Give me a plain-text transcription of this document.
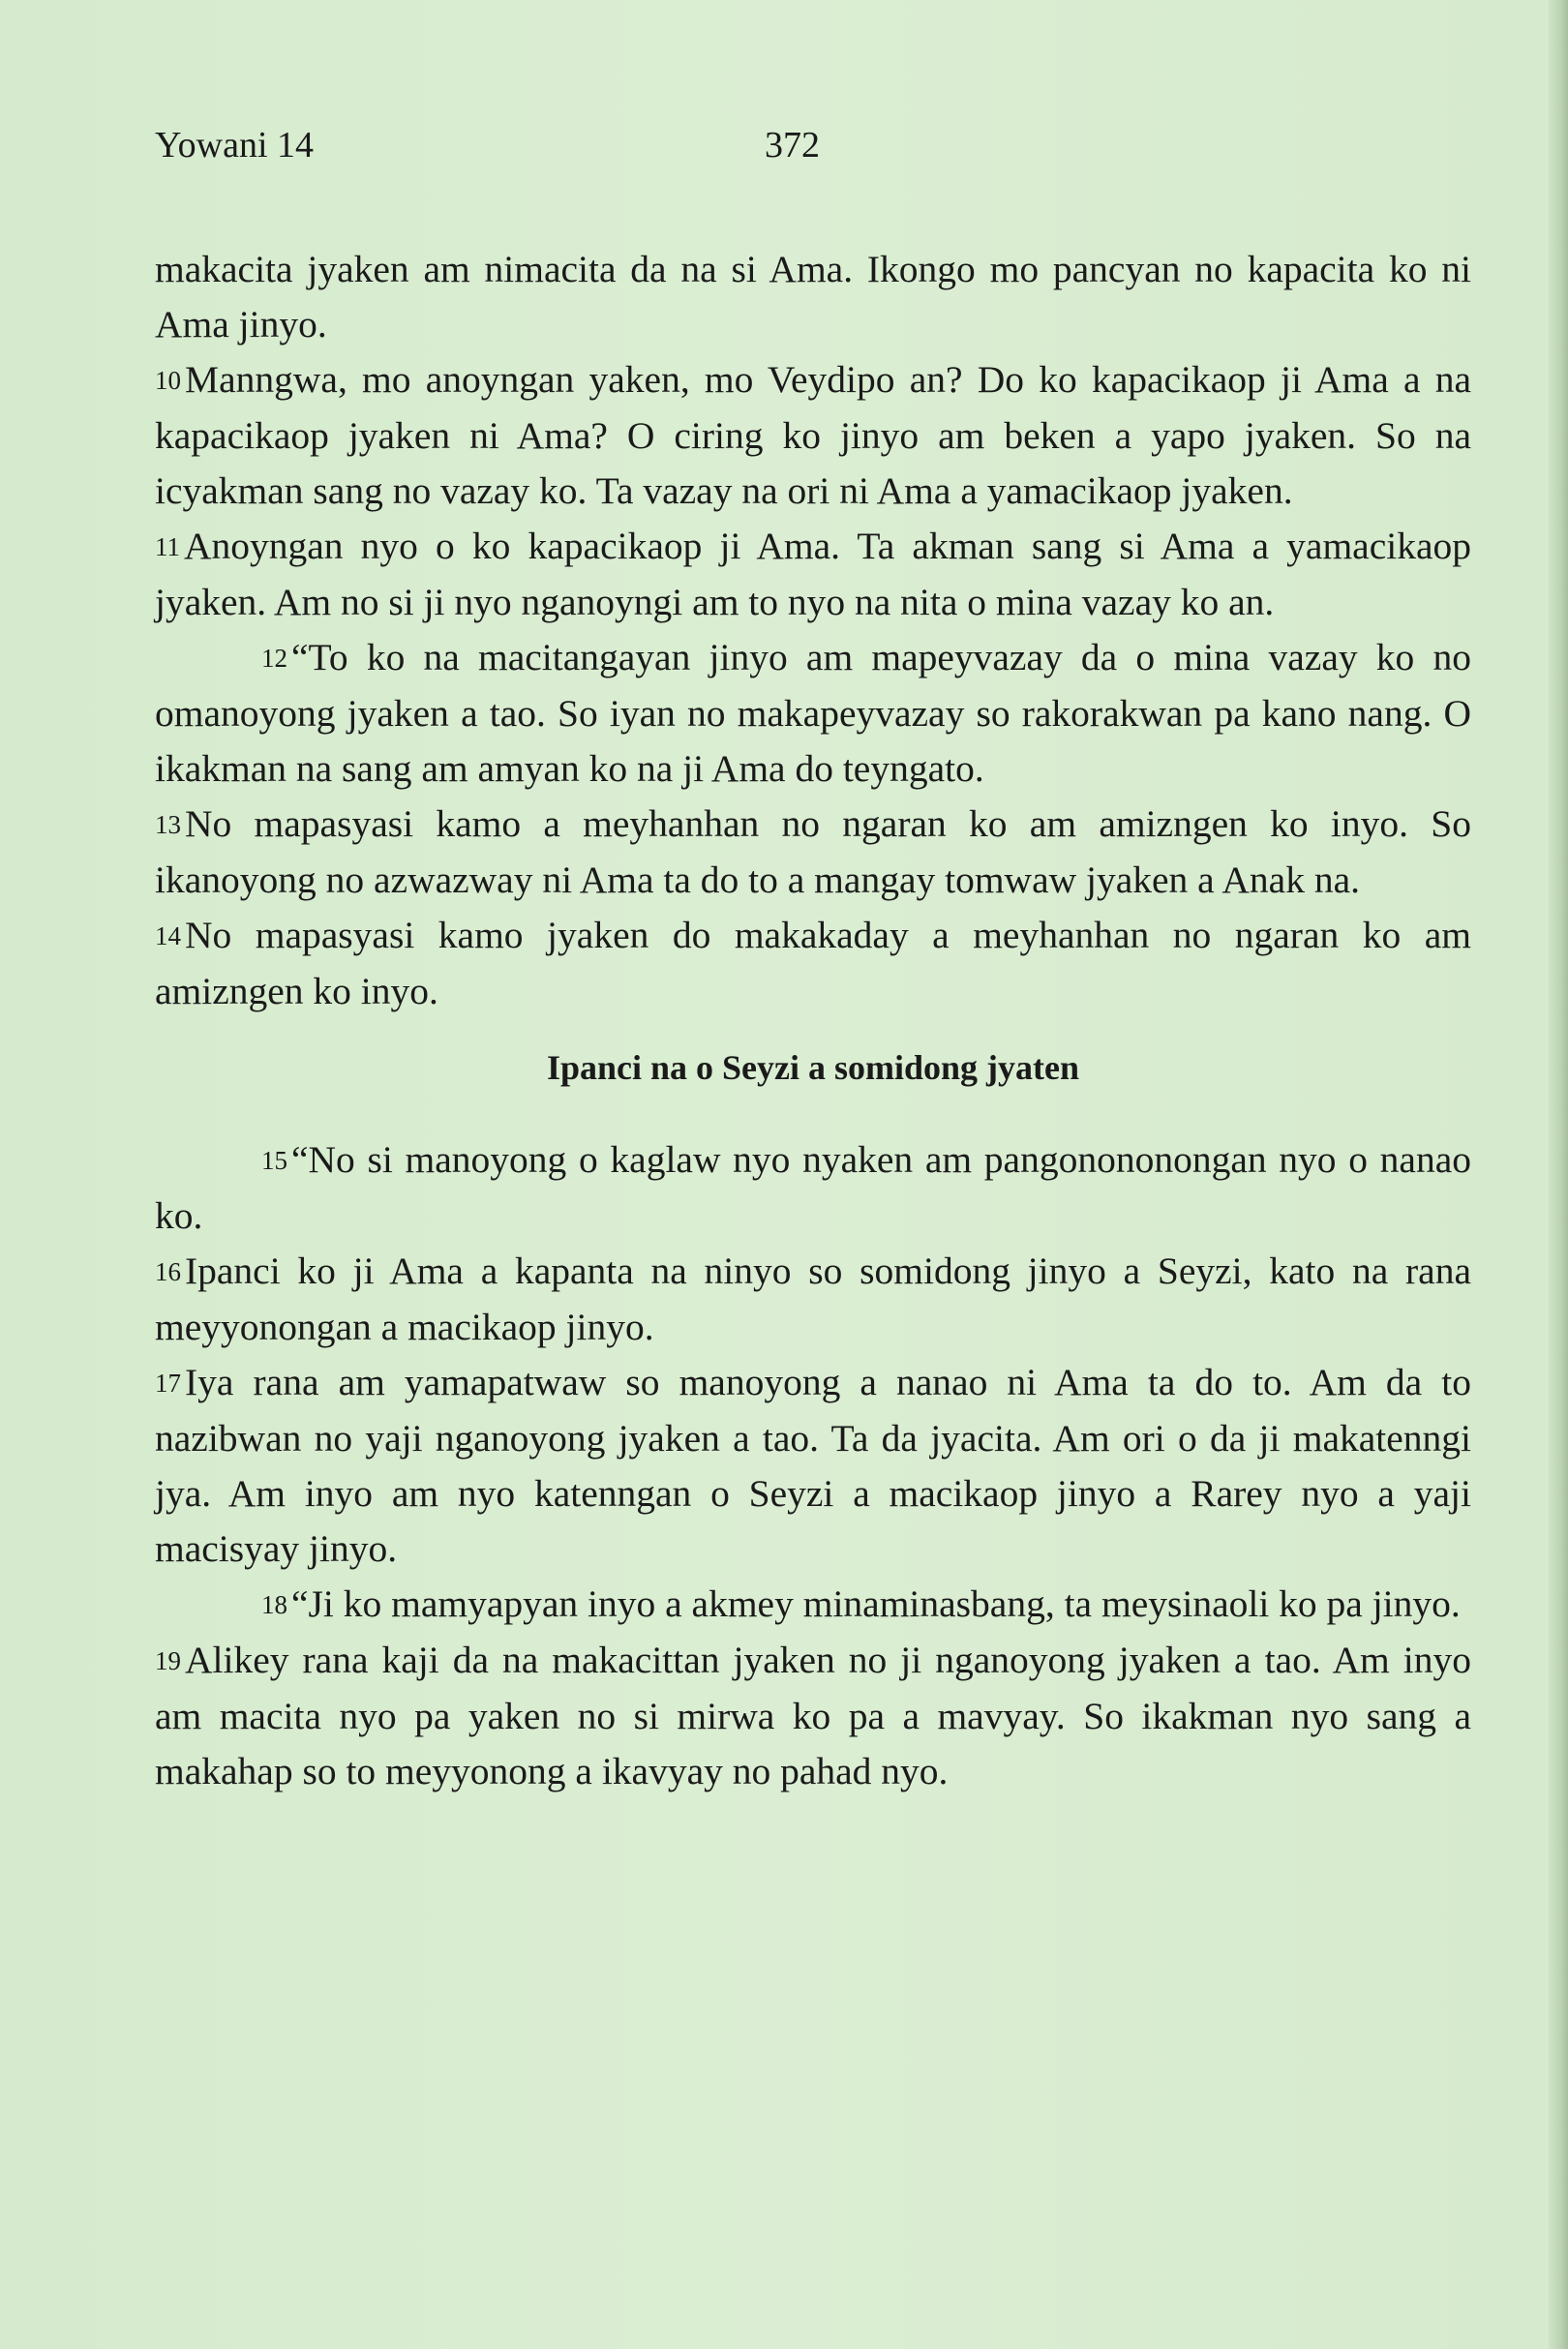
Yowani 14	372

makacita jyaken am nimacita da na si Ama. Ikongo mo pancyan no kapacita ko ni Ama jinyo.

10 Manngwa, mo anoyngan yaken, mo Veydipo an? Do ko kapacikaop ji Ama a na kapacikaop jyaken ni Ama? O ciring ko jinyo am beken a yapo jyaken. So na icyakman sang no vazay ko. Ta vazay na ori ni Ama a yamacikaop jyaken.

11 Anoyngan nyo o ko kapacikaop ji Ama. Ta akman sang si Ama a yamacikaop jyaken. Am no si ji nyo nganoyngi am to nyo na nita o mina vazay ko an.

12 “To ko na macitangayan jinyo am mapeyvazay da o mina vazay ko no omanoyong jyaken a tao. So iyan no makapeyvazay so rakorakwan pa kano nang. O ikakman na sang am amyan ko na ji Ama do teyngato.

13 No mapasyasi kamo a meyhanhan no ngaran ko am amizngen ko inyo. So ikanoyong no azwazway ni Ama ta do to a mangay tomwaw jyaken a Anak na.

14 No mapasyasi kamo jyaken do makakaday a meyhanhan no ngaran ko am amizngen ko inyo.

Ipanci na o Seyzi a somidong jyaten

15 “No si manoyong o kaglaw nyo nyaken am pangonononongan nyo o nanao ko.

16 Ipanci ko ji Ama a kapanta na ninyo so somidong jinyo a Seyzi, kato na rana meyyonongan a macikaop jinyo.

17 Iya rana am yamapatwaw so manoyong a nanao ni Ama ta do to. Am da to nazibwan no yaji nganoyong jyaken a tao. Ta da jyacita. Am ori o da ji makatenngi jya. Am inyo am nyo katenngan o Seyzi a macikaop jinyo a Rarey nyo a yaji macisyay jinyo.

18 “Ji ko mamyapyan inyo a akmey minaminasbang, ta meysinaoli ko pa jinyo.

19 Alikey rana kaji da na makacittan jyaken no ji nganoyong jyaken a tao. Am inyo am macita nyo pa yaken no si mirwa ko pa a mavyay. So ikakman nyo sang a makahap so to meyyonong a ikavyay no pahad nyo.
